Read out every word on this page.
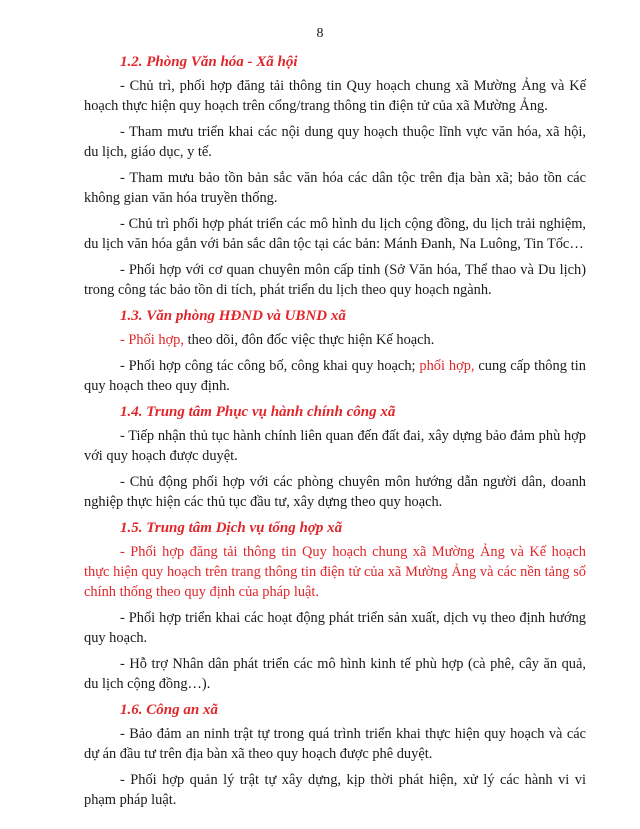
8
1.2. Phòng Văn hóa - Xã hội

- Chủ trì, phối hợp đăng tải thông tin Quy hoạch chung xã Mường Ảng và Kế hoạch thực hiện quy hoạch trên cổng/trang thông tin điện tử của xã Mường Ảng.

- Tham mưu triển khai các nội dung quy hoạch thuộc lĩnh vực văn hóa, xã hội, du lịch, giáo dục, y tế.

- Tham mưu bảo tồn bản sắc văn hóa các dân tộc trên địa bàn xã; bảo tồn các không gian văn hóa truyền thống.

- Chủ trì phối hợp phát triển các mô hình du lịch cộng đồng, du lịch trải nghiệm, du lịch văn hóa gắn với bản sắc dân tộc tại các bản: Mánh Đanh, Na Luông, Tin Tốc…

- Phối hợp với cơ quan chuyên môn cấp tỉnh (Sở Văn hóa, Thể thao và Du lịch) trong công tác bảo tồn di tích, phát triển du lịch theo quy hoạch ngành.

1.3. Văn phòng HĐND và UBND xã

- Phối hợp, theo dõi, đôn đốc việc thực hiện Kế hoạch.

- Phối hợp công tác công bố, công khai quy hoạch; phối hợp, cung cấp thông tin quy hoạch theo quy định.

1.4. Trung tâm Phục vụ hành chính công xã

- Tiếp nhận thủ tục hành chính liên quan đến đất đai, xây dựng bảo đảm phù hợp với quy hoạch được duyệt.

- Chủ động phối hợp với các phòng chuyên môn hướng dẫn người dân, doanh nghiệp thực hiện các thủ tục đầu tư, xây dựng theo quy hoạch.

1.5. Trung tâm Dịch vụ tổng hợp xã

- Phối hợp đăng tải thông tin Quy hoạch chung xã Mường Ảng và Kế hoạch thực hiện quy hoạch trên trang thông tin điện tử của xã Mường Ảng và các nền tảng số chính thống theo quy định của pháp luật.

- Phối hợp triển khai các hoạt động phát triển sản xuất, dịch vụ theo định hướng quy hoạch.

- Hỗ trợ Nhân dân phát triển các mô hình kinh tế phù hợp (cà phê, cây ăn quả, du lịch cộng đồng…).

1.6. Công an xã

- Bảo đảm an ninh trật tự trong quá trình triển khai thực hiện quy hoạch và các dự án đầu tư trên địa bàn xã theo quy hoạch được phê duyệt.

- Phối hợp quản lý trật tự xây dựng, kịp thời phát hiện, xử lý các hành vi vi phạm pháp luật.
